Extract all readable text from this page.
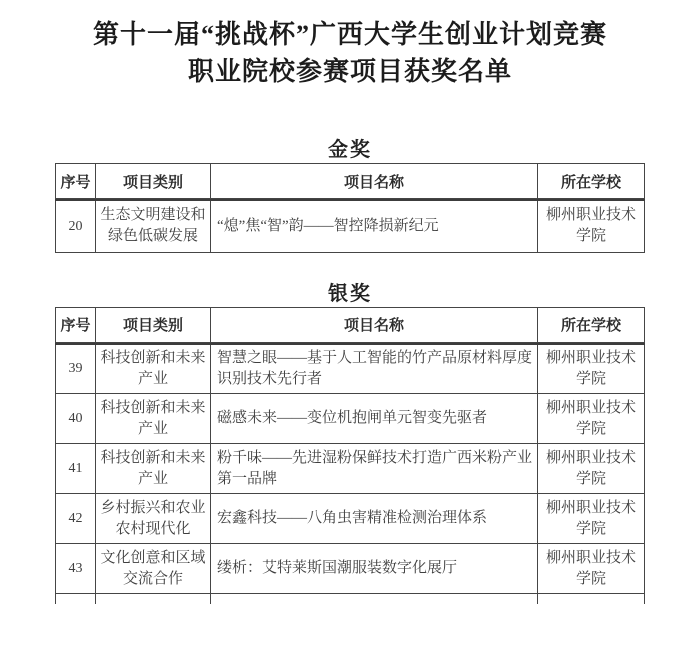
第十一届“挑战杯”广西大学生创业计划竞赛
职业院校参赛项目获奖名单
金奖
序号	项目类别	项目名称	所在学校
20	生态文明建设和绿色低碳发展	“熄”焦“智”韵——智控降损新纪元	柳州职业技术学院
银奖
序号	项目类别	项目名称	所在学校
39	科技创新和未来产业	智慧之眼——基于人工智能的竹产品原材料厚度识别技术先行者	柳州职业技术学院
40	科技创新和未来产业	磁感未来——变位机抱闸单元智变先驱者	柳州职业技术学院
41	科技创新和未来产业	粉千味——先进湿粉保鲜技术打造广西米粉产业第一品牌	柳州职业技术学院
42	乡村振兴和农业农村现代化	宏鑫科技——八角虫害精准检测治理体系	柳州职业技术学院
43	文化创意和区域交流合作	缕析：艾特莱斯国潮服装数字化展厅	柳州职业技术学院
